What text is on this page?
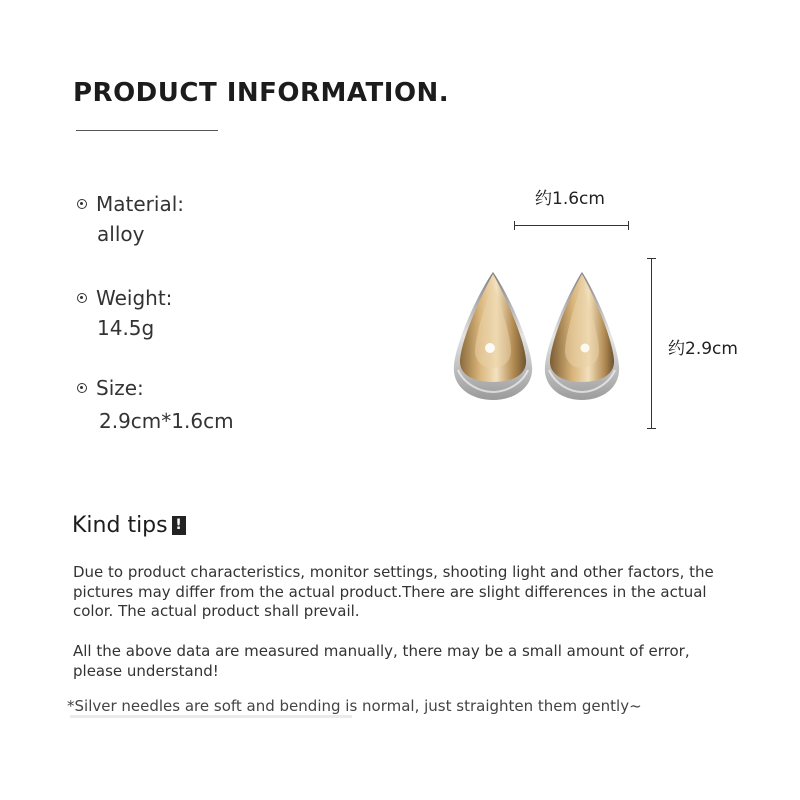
PRODUCT INFORMATION.
Material:
alloy
Weight:
14.5g
Size:
2.9cm*1.6cm
约1.6cm
约2.9cm
Kind tips !
Due to product characteristics, monitor settings, shooting light and other factors, the pictures may differ from the actual product.There are slight differences in the actual color. The actual product shall prevail.
All the above data are measured manually, there may be a small amount of error, please understand!
*Silver needles are soft and bending is normal, just straighten them gently~
